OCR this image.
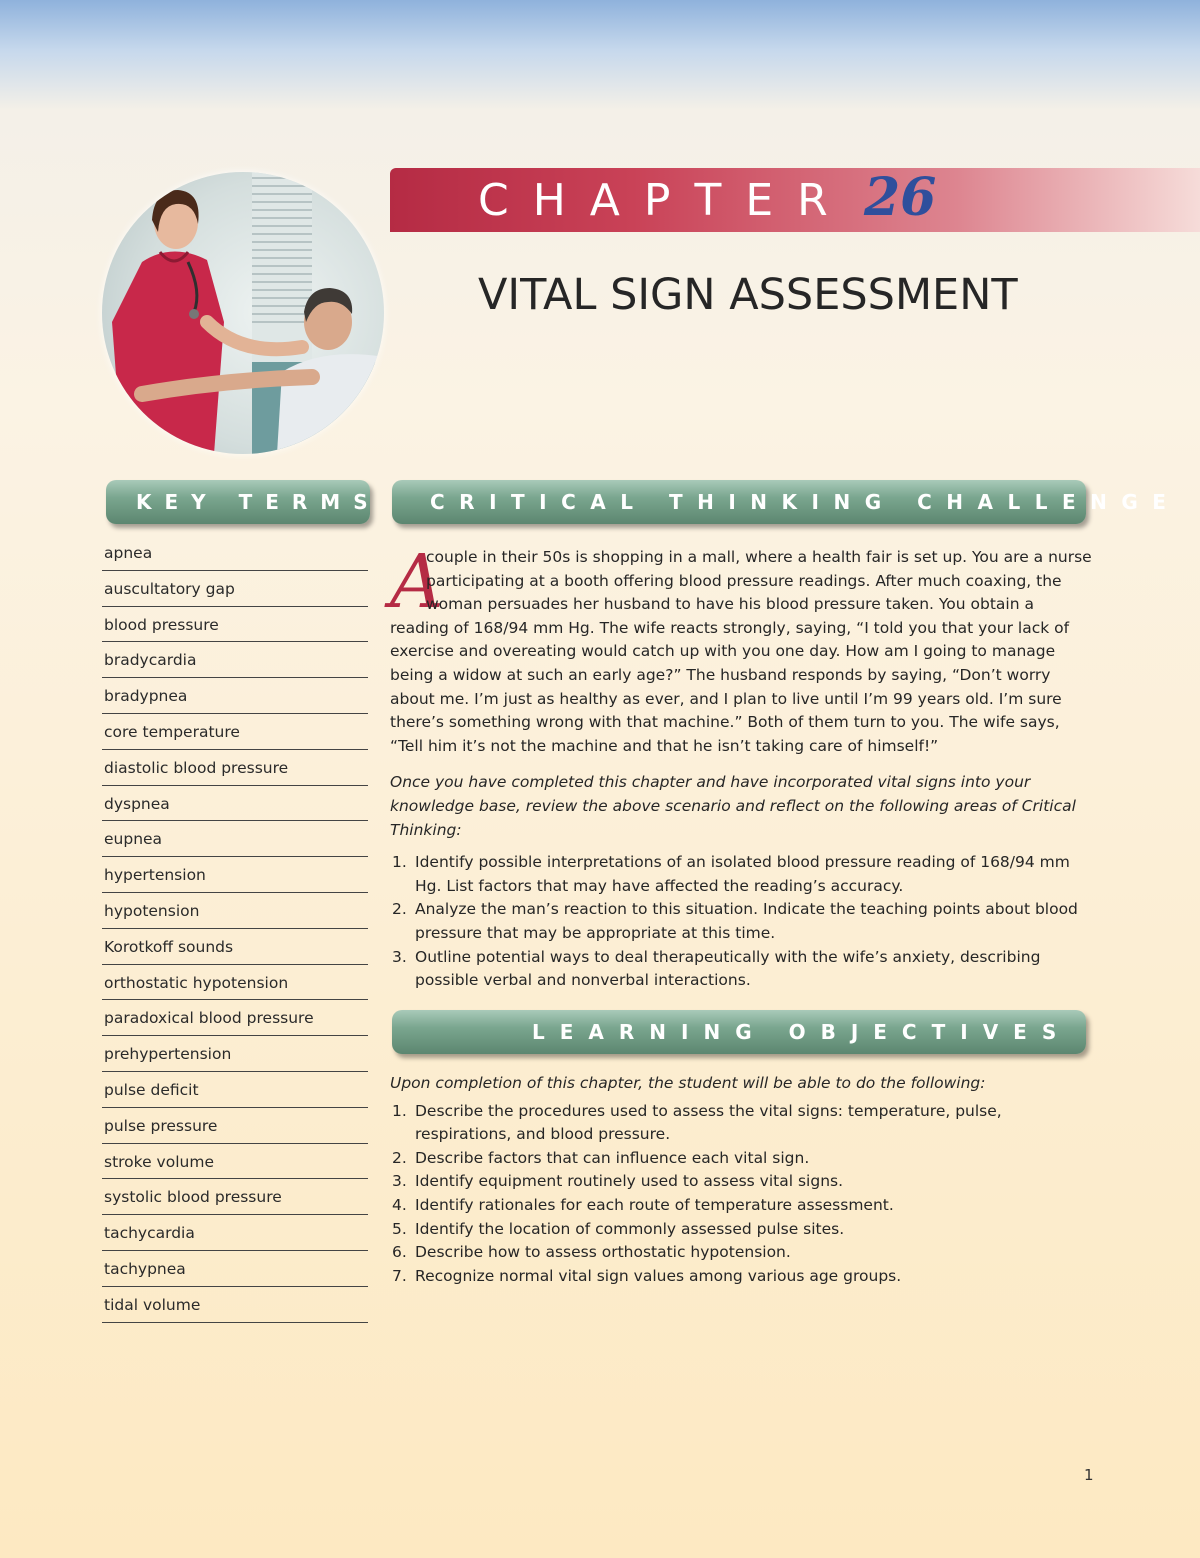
CHAPTER 26
VITAL SIGN ASSESSMENT
KEY TERMS	CRITICAL THINKING CHALLENGE
LEARNING OBJECTIVES
apnea
auscultatory gap
blood pressure
bradycardia
bradypnea
core temperature
diastolic blood pressure
dyspnea
eupnea
hypertension
hypotension
Korotkoff sounds
orthostatic hypotension
paradoxical blood pressure
prehypertension
pulse deficit
pulse pressure
stroke volume
systolic blood pressure
tachycardia
tachypnea
tidal volume

A
couple in their 50s is shopping in a mall, where a health fair is set up. You are a nurse participating at a booth offering blood pressure readings. After much coaxing, the woman persuades her husband to have his blood pressure taken. You obtain a reading of 168/94 mm Hg. The wife reacts strongly, saying, “I told you that your lack of exercise and overeating would catch up with you one day. How am I going to manage being a widow at such an early age?” The husband responds by saying, “Don’t worry about me. I’m just as healthy as ever, and I plan to live until I’m 99 years old. I’m sure there’s something wrong with that machine.” Both of them turn to you. The wife says, “Tell him it’s not the machine and that he isn’t taking care of himself!”

Once you have completed this chapter and have incorporated vital signs into your knowledge base, review the above scenario and reflect on the following areas of Critical Thinking:

1. Identify possible interpretations of an isolated blood pressure reading of 168/94 mm Hg. List factors that may have affected the reading’s accuracy.
2. Analyze the man’s reaction to this situation. Indicate the teaching points about blood pressure that may be appropriate at this time.
3. Outline potential ways to deal therapeutically with the wife’s anxiety, describing possible verbal and nonverbal interactions.

Upon completion of this chapter, the student will be able to do the following:

1. Describe the procedures used to assess the vital signs: temperature, pulse, respirations, and blood pressure.
2. Describe factors that can influence each vital sign.
3. Identify equipment routinely used to assess vital signs.
4. Identify rationales for each route of temperature assessment.
5. Identify the location of commonly assessed pulse sites.
6. Describe how to assess orthostatic hypotension.
7. Recognize normal vital sign values among various age groups.
1
